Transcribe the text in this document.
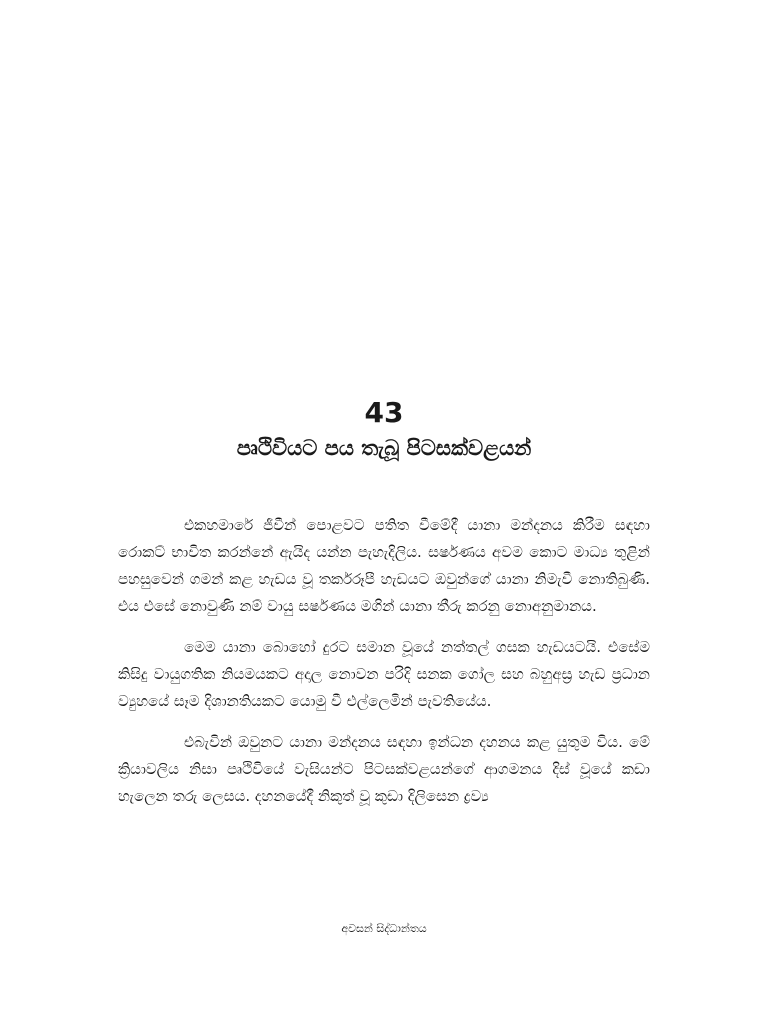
43
පෘථිවියට පය තැබූ පිටසක්වළයන්

එකහමාරේ ජීවීන් පොළවට පතිත වීමේදී යානා මන්දනය කිරීම සඳහා රොකට් භාවිත කරන්නේ ඇයිද යන්න පැහැදිලිය. සර්ෂණය අවම කොට මාධ්‍ය තුළින් පහසුවෙන් ගමන් කළ හැඩය වූ තර්කරූපී හැඩයට ඔවුන්ගේ යානා නිමැවී නොතිබුණි. එය එසේ නොවුණි නම් වායු සර්ෂණය මගින් යානා තීරු කරනු නොඅනුමානය.

මෙම යානා බොහෝ දුරට සමාන වූයේ නත්තල් ගසක හැඩයටයි. එසේම කිසිදු වායුගතික නියමයකට අදාල නොවන පරිදි සනක ගෝල සහ බහුඅස්‍ර හැඩ ප්‍රධාන ව්‍යුහයේ සෑම දිශානතියකට යොමු වී එල්ලෙමින් පැවතියේය.

එබැවින් ඔවුනට යානා මන්දනය සඳහා ඉන්ධන දහනය කළ යුතුම විය. මේ ක්‍රියාවලිය නිසා පෘථිවියේ වැසියන්ට පිටසක්වළයන්ගේ ආගමනය දිස් වූයේ කඩා හැලෙන තරු ලෙසය. දහනයේදී නිකුත් වූ කුඩා දිලිසෙන ද්‍රව්‍ය

අවසන් සිද්ධාන්තය
